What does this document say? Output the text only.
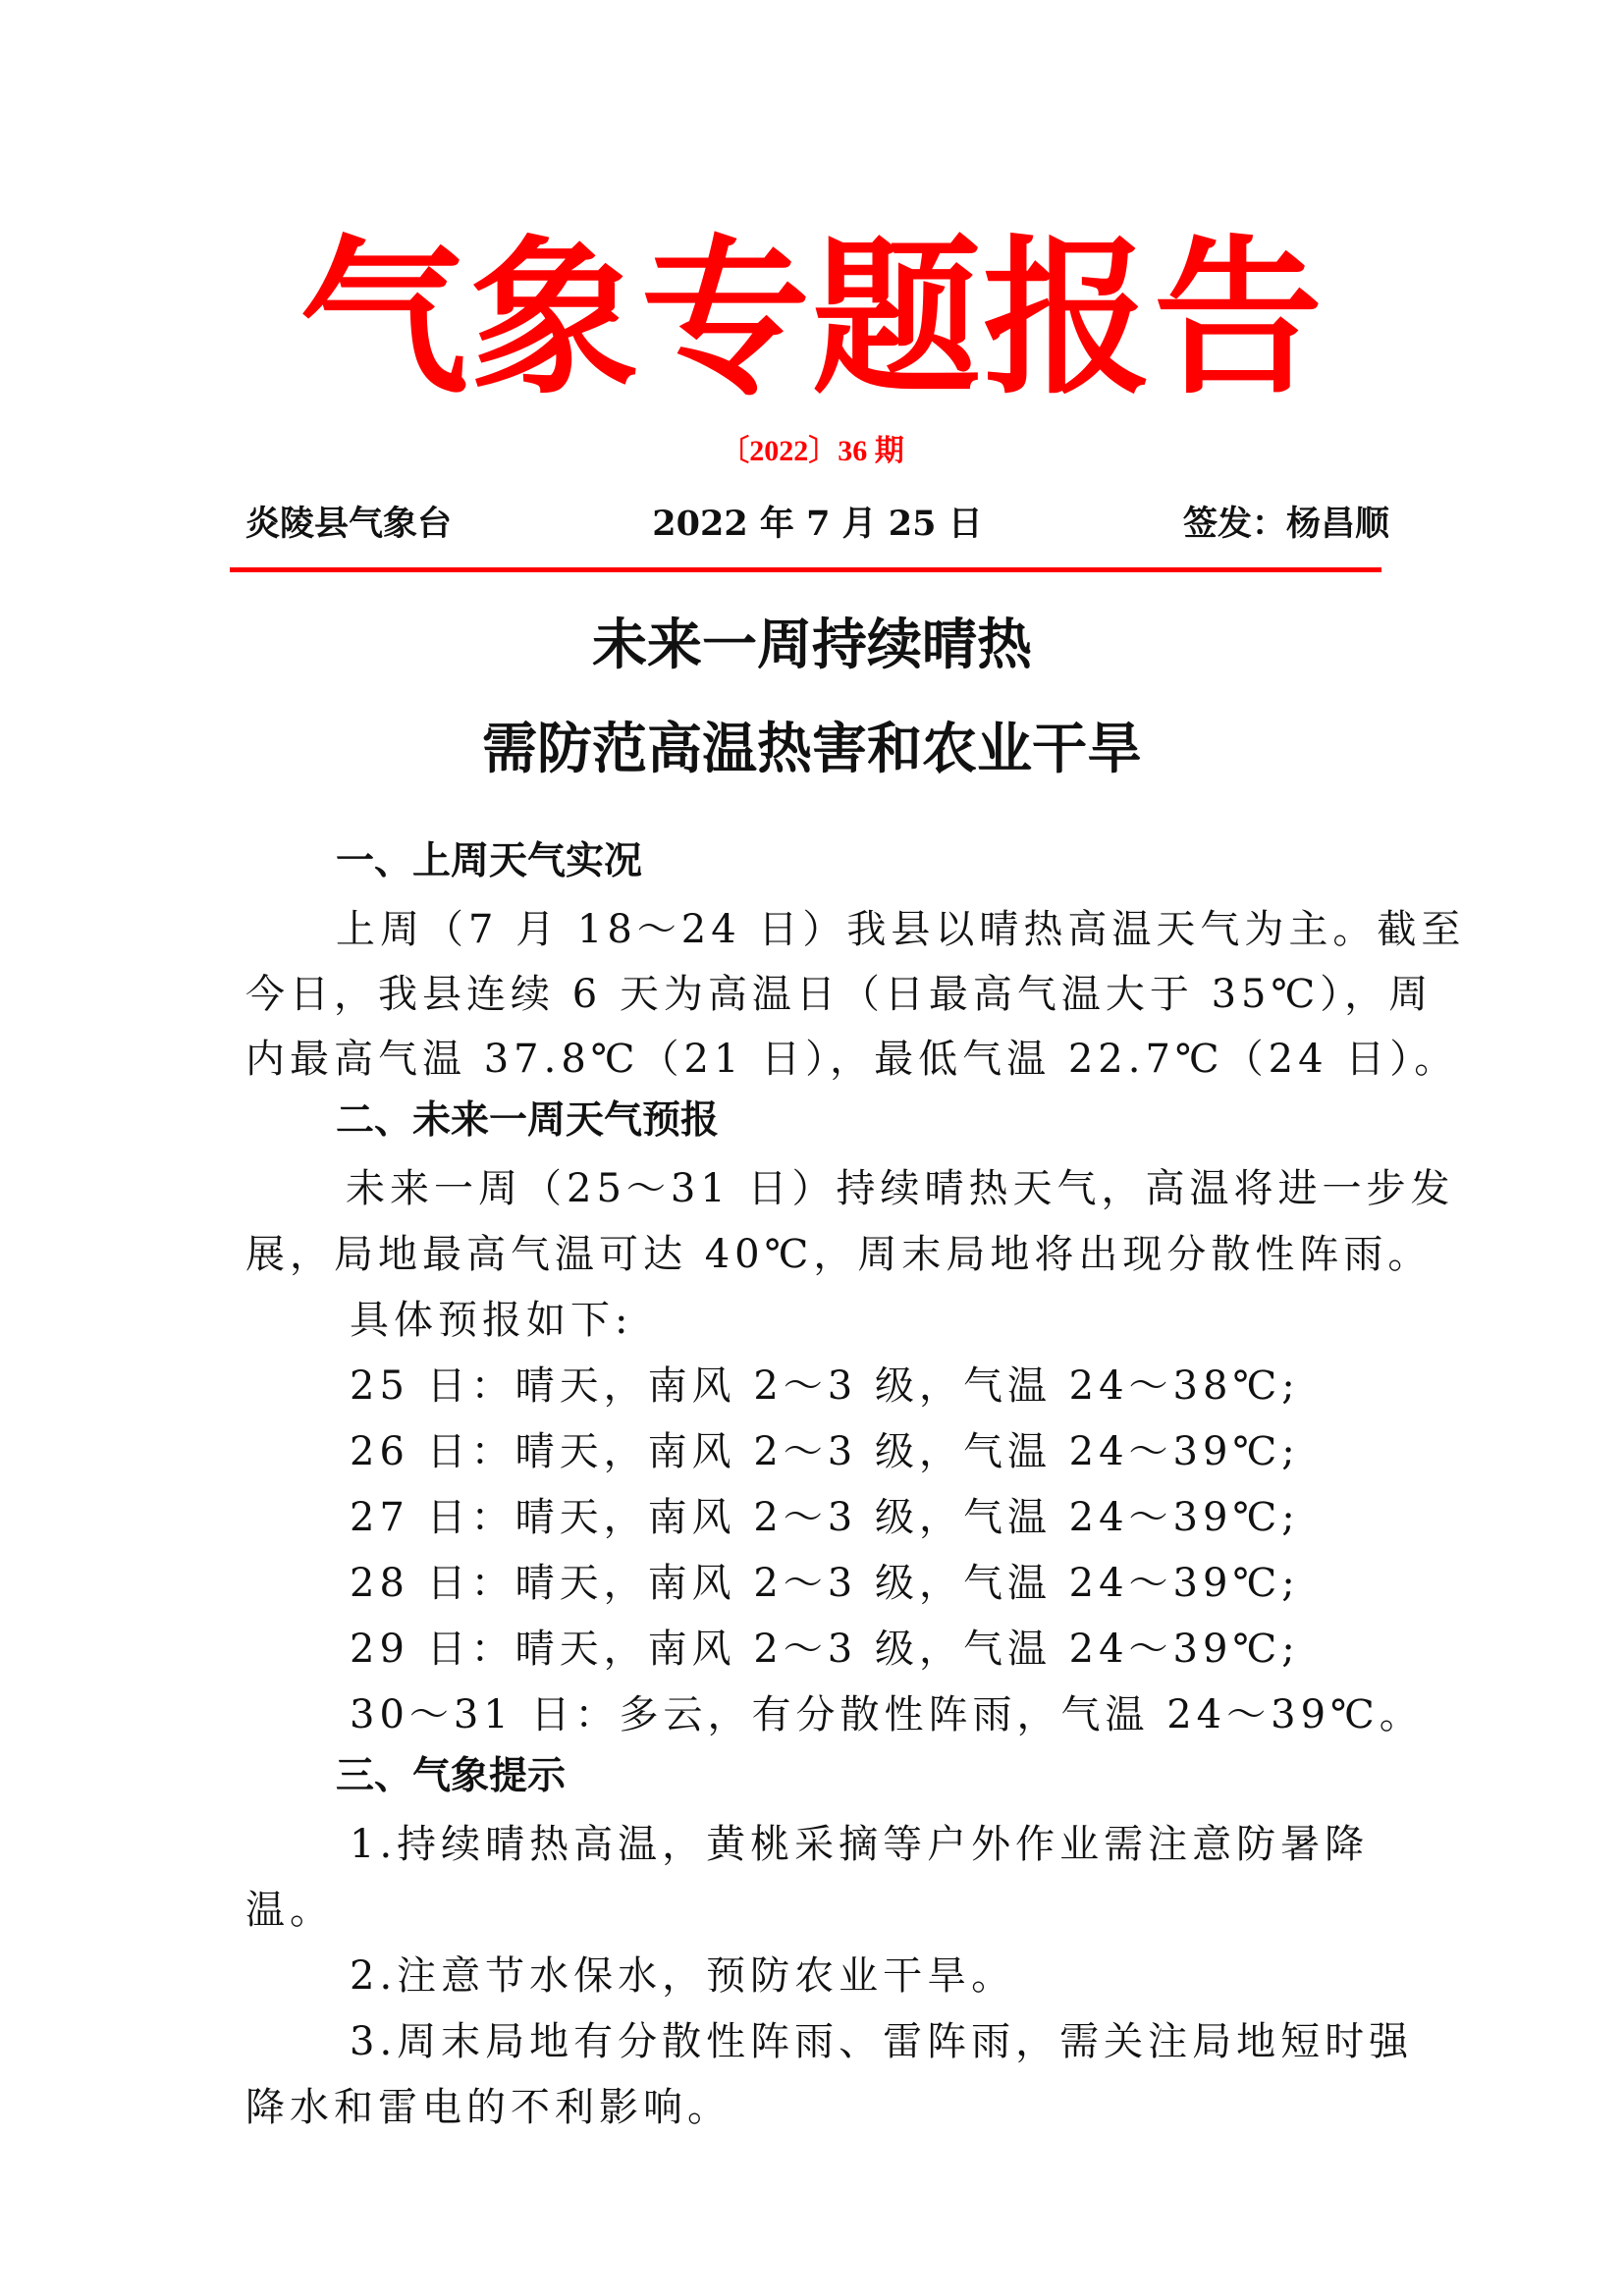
气象专题报告
〔2022〕36 期
炎陵县气象台	2022 年 7 月 25 日	签发：杨昌顺
未来一周持续晴热
需防范高温热害和农业干旱
一、上周天气实况
上周（7 月 18～24 日）我县以晴热高温天气为主。截至
今日，我县连续 6 天为高温日（日最高气温大于 35℃），周
内最高气温 37.8℃（21 日），最低气温 22.7℃（24 日）。
二、未来一周天气预报
未来一周（25～31 日）持续晴热天气，高温将进一步发
展，局地最高气温可达 40℃，周末局地将出现分散性阵雨。
具体预报如下:
25 日：晴天，南风 2～3 级，气温 24～38℃;
26 日：晴天，南风 2～3 级，气温 24～39℃;
27 日：晴天，南风 2～3 级，气温 24～39℃;
28 日：晴天，南风 2～3 级，气温 24～39℃;
29 日：晴天，南风 2～3 级，气温 24～39℃;
30～31 日：多云，有分散性阵雨，气温 24～39℃。
三、气象提示
1.持续晴热高温，黄桃采摘等户外作业需注意防暑降
温。
2.注意节水保水，预防农业干旱。
3.周末局地有分散性阵雨、雷阵雨，需关注局地短时强
降水和雷电的不利影响。
